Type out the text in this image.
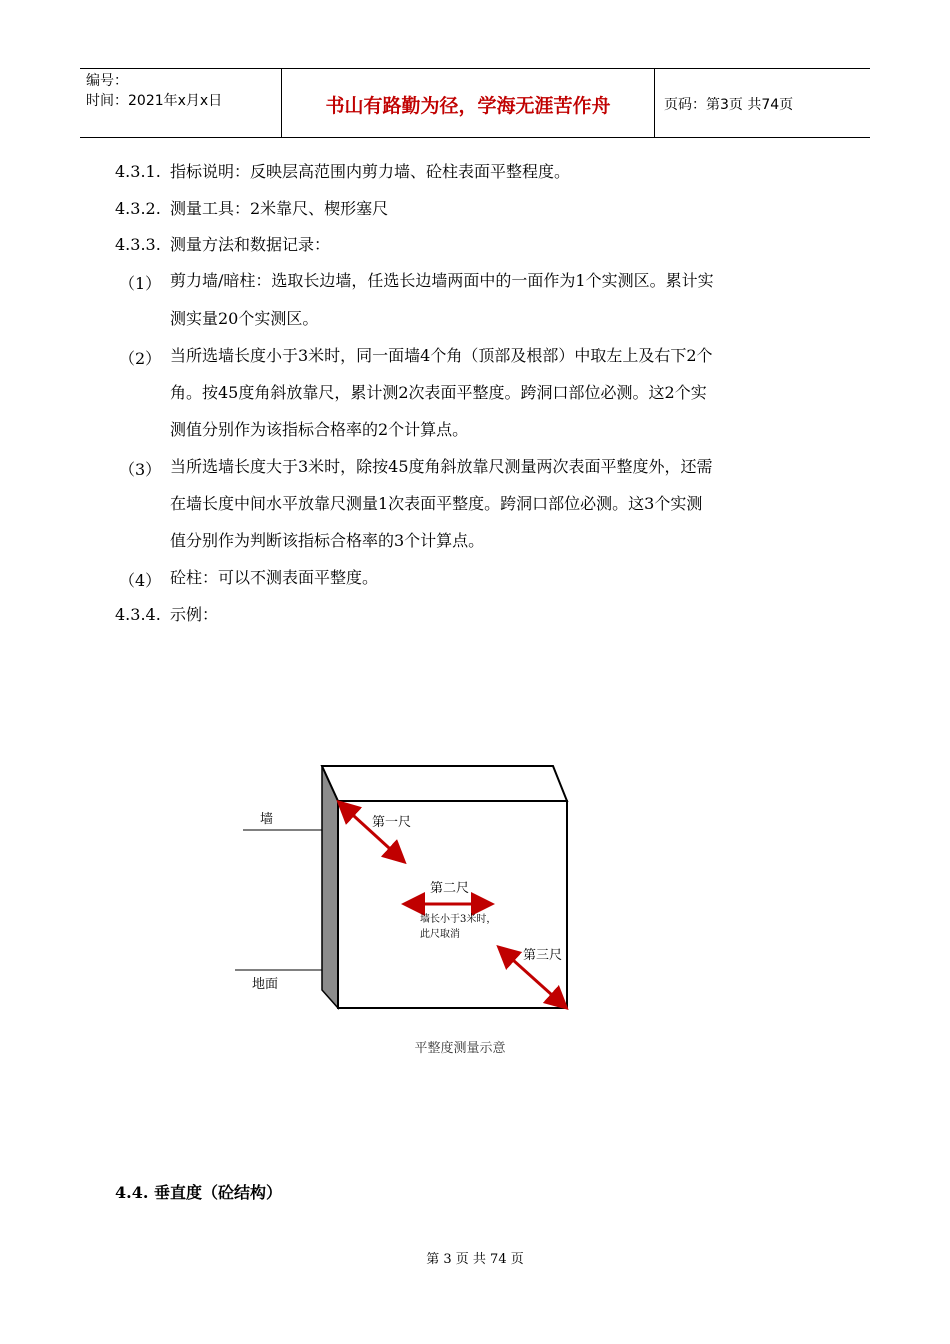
编号：
时间：2021年x月x日	书山有路勤为径，学海无涯苦作舟	页码：第3页 共74页
4.3.1. 指标说明：反映层高范围内剪力墙、砼柱表面平整程度。
4.3.2. 测量工具：2米靠尺、楔形塞尺
4.3.3. 测量方法和数据记录：
（1） 剪力墙/暗柱：选取长边墙，任选长边墙两面中的一面作为1个实测区。累计实
测实量20个实测区。
（2） 当所选墙长度小于3米时，同一面墙4个角（顶部及根部）中取左上及右下2个
角。按45度角斜放靠尺，累计测2次表面平整度。跨洞口部位必测。这2个实
测值分别作为该指标合格率的2个计算点。
（3） 当所选墙长度大于3米时，除按45度角斜放靠尺测量两次表面平整度外，还需
在墙长度中间水平放靠尺测量1次表面平整度。跨洞口部位必测。这3个实测
值分别作为判断该指标合格率的3个计算点。
（4） 砼柱：可以不测表面平整度。
4.3.4. 示例：
墙
地面
第一尺
第二尺
墙长小于3米时，
此尺取消
第三尺
平整度测量示意
4.4. 垂直度（砼结构）
第 3 页 共 74 页
